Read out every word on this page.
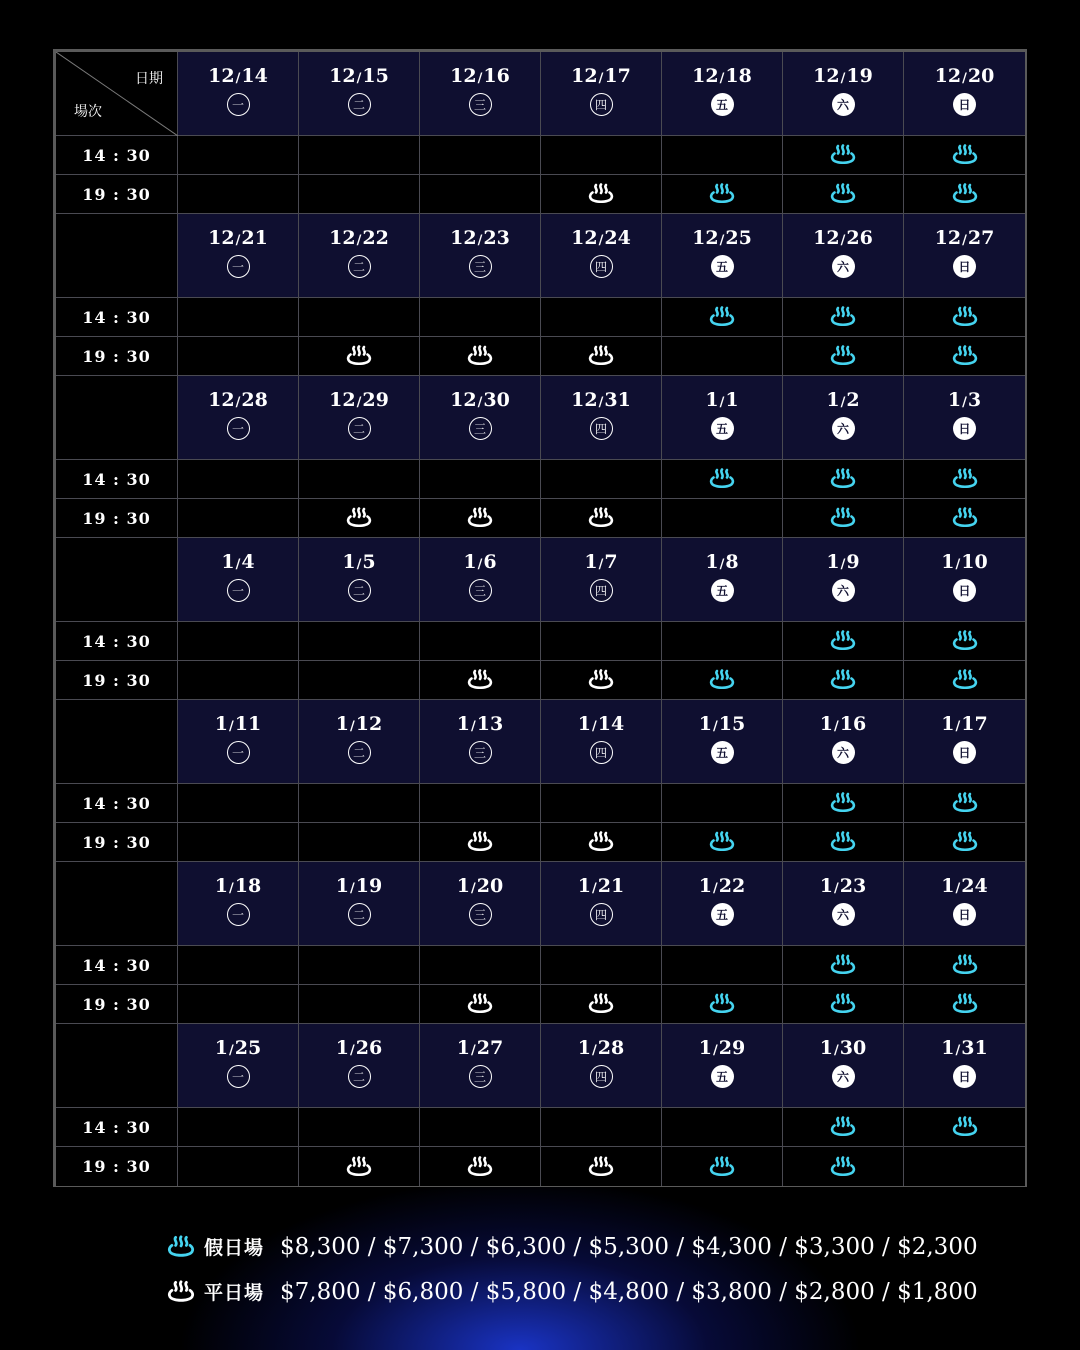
日期
場次
12/14
一
12/15
二
12/16
三
12/17
四
12/18
五
12/19
六
12/20
日
14 : 30
19 : 30
12/21
一
12/22
二
12/23
三
12/24
四
12/25
五
12/26
六
12/27
日
14 : 30
19 : 30
12/28
一
12/29
二
12/30
三
12/31
四
1/1
五
1/2
六
1/3
日
14 : 30
19 : 30
1/4
一
1/5
二
1/6
三
1/7
四
1/8
五
1/9
六
1/10
日
14 : 30
19 : 30
1/11
一
1/12
二
1/13
三
1/14
四
1/15
五
1/16
六
1/17
日
14 : 30
19 : 30
1/18
一
1/19
二
1/20
三
1/21
四
1/22
五
1/23
六
1/24
日
14 : 30
19 : 30
1/25
一
1/26
二
1/27
三
1/28
四
1/29
五
1/30
六
1/31
日
14 : 30
19 : 30
假日場 $8,300 / $7,300 / $6,300 / $5,300 / $4,300 / $3,300 / $2,300
平日場 $7,800 / $6,800 / $5,800 / $4,800 / $3,800 / $2,800 / $1,800
